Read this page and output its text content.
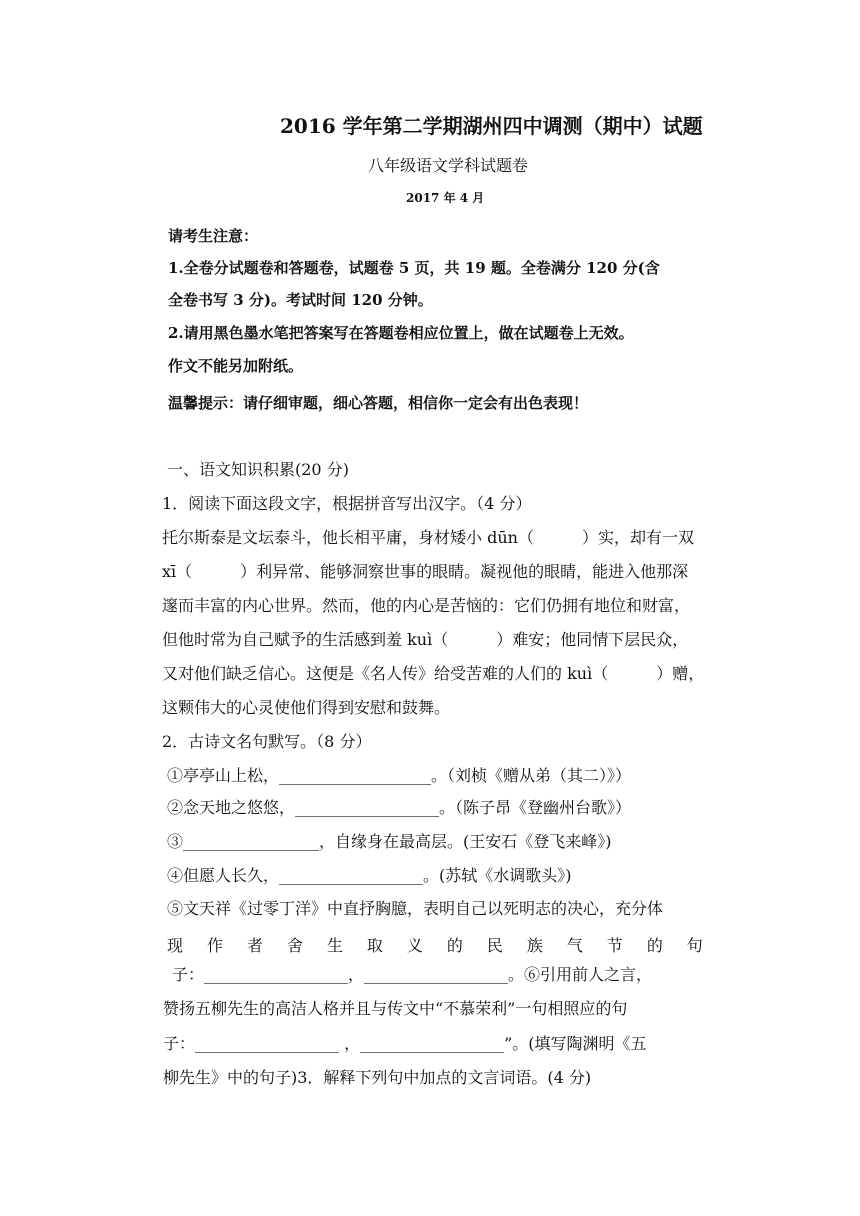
2016 学年第二学期湖州四中调测（期中）试题
八年级语文学科试题卷
2017 年 4 月
请考生注意：
1.全卷分试题卷和答题卷，试题卷 5 页，共 19 题。全卷满分 120 分(含
全卷书写 3 分)。考试时间 120 分钟。
2.请用黑色墨水笔把答案写在答题卷相应位置上，做在试题卷上无效。
作文不能另加附纸。
温馨提示：请仔细审题，细心答题，相信你一定会有出色表现！
一、语文知识积累(20 分)
1．阅读下面这段文字，根据拼音写出汉字。（4 分）
托尔斯泰是文坛泰斗，他长相平庸，身材矮小 dūn（　　　）实，却有一双
xī（　　　）利异常、能够洞察世事的眼睛。凝视他的眼睛，能进入他那深
邃而丰富的内心世界。然而，他的内心是苦恼的：它们仍拥有地位和财富，
但他时常为自己赋予的生活感到羞 kuì（　　　）难安；他同情下层民众，
又对他们缺乏信心。这便是《名人传》给受苦难的人们的 kuì（　　　）赠，
这颗伟大的心灵使他们得到安慰和鼓舞。
2．古诗文名句默写。（8 分）
①亭亭山上松，___________________。（刘桢《赠从弟（其二）》）
②念天地之悠悠，__________________。（陈子昂《登幽州台歌》）
③_________________，自缘身在最高层。(王安石《登飞来峰》)
④但愿人长久，__________________。(苏轼《水调歌头》)
⑤文天祥《过零丁洋》中直抒胸臆，表明自己以死明志的决心，充分体
现 作 者 舍 生 取 义 的 民 族 气 节 的 句
子：__________________，__________________。⑥引用前人之言，
赞扬五柳先生的高洁人格并且与传文中“不慕荣利”一句相照应的句
子：__________________ ，__________________”。(填写陶渊明《五
柳先生》中的句子)3．解释下列句中加点的文言词语。(4 分)
